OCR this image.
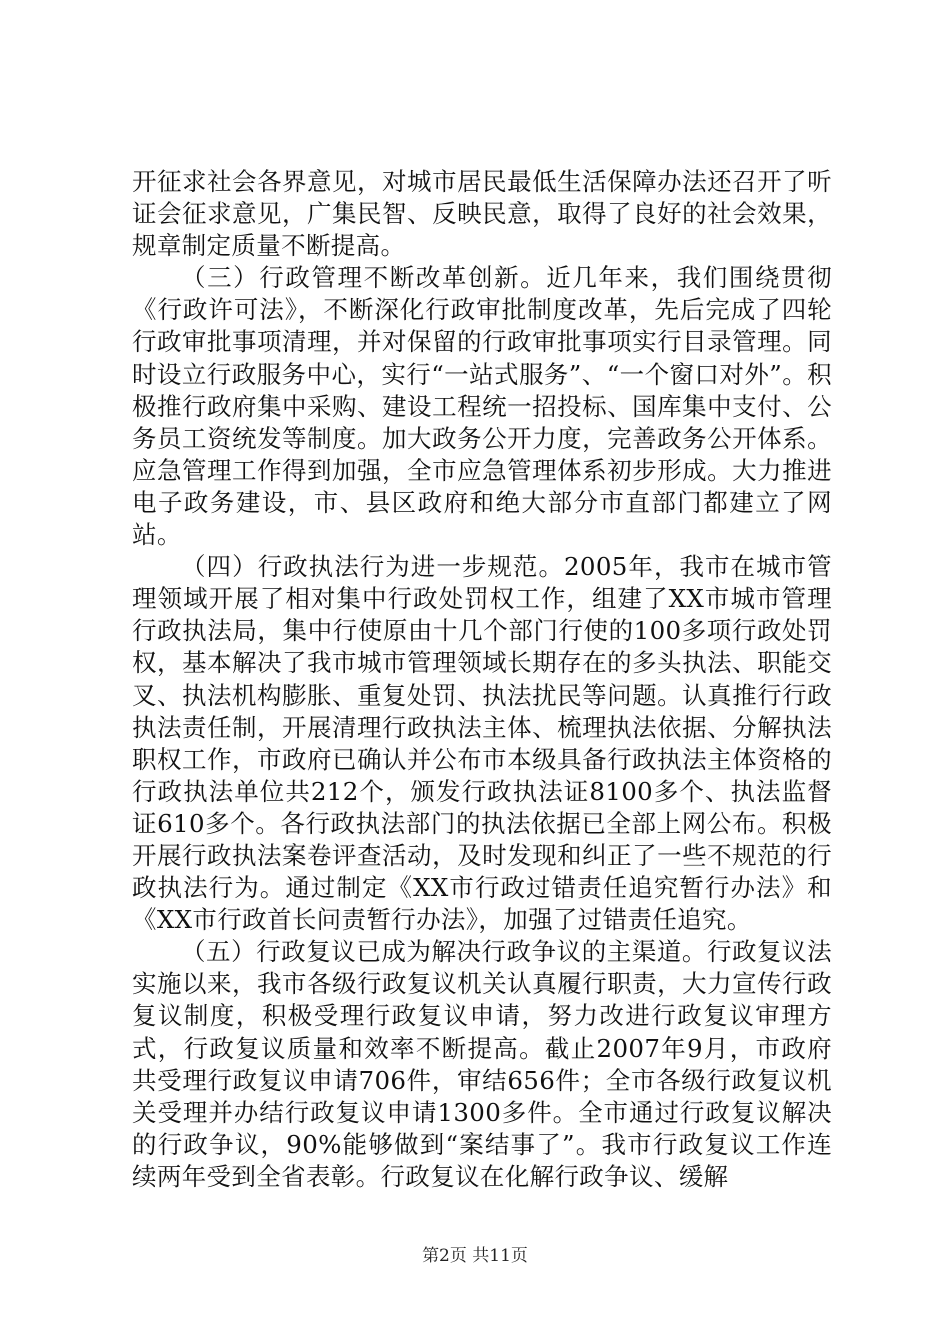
开征求社会各界意见，对城市居民最低生活保障办法还召开了听证会征求意见，广集民智、反映民意，取得了良好的社会效果，规章制定质量不断提高。

（三）行政管理不断改革创新。近几年来，我们围绕贯彻《行政许可法》，不断深化行政审批制度改革，先后完成了四轮行政审批事项清理，并对保留的行政审批事项实行目录管理。同时设立行政服务中心，实行“一站式服务”、“一个窗口对外”。积极推行政府集中采购、建设工程统一招投标、国库集中支付、公务员工资统发等制度。加大政务公开力度，完善政务公开体系。应急管理工作得到加强，全市应急管理体系初步形成。大力推进电子政务建设，市、县区政府和绝大部分市直部门都建立了网站。

（四）行政执法行为进一步规范。2005年，我市在城市管理领域开展了相对集中行政处罚权工作，组建了XX市城市管理行政执法局，集中行使原由十几个部门行使的100多项行政处罚权，基本解决了我市城市管理领域长期存在的多头执法、职能交叉、执法机构膨胀、重复处罚、执法扰民等问题。认真推行行政执法责任制，开展清理行政执法主体、梳理执法依据、分解执法职权工作，市政府已确认并公布市本级具备行政执法主体资格的行政执法单位共212个，颁发行政执法证8100多个、执法监督证610多个。各行政执法部门的执法依据已全部上网公布。积极开展行政执法案卷评查活动，及时发现和纠正了一些不规范的行政执法行为。通过制定《XX市行政过错责任追究暂行办法》和《XX市行政首长问责暂行办法》，加强了过错责任追究。

（五）行政复议已成为解决行政争议的主渠道。行政复议法实施以来，我市各级行政复议机关认真履行职责，大力宣传行政复议制度，积极受理行政复议申请，努力改进行政复议审理方式，行政复议质量和效率不断提高。截止2007年9月，市政府共受理行政复议申请706件，审结656件；全市各级行政复议机关受理并办结行政复议申请1300多件。全市通过行政复议解决的行政争议，90%能够做到“案结事了”。我市行政复议工作连续两年受到全省表彰。行政复议在化解行政争议、缓解

第2页 共11页
